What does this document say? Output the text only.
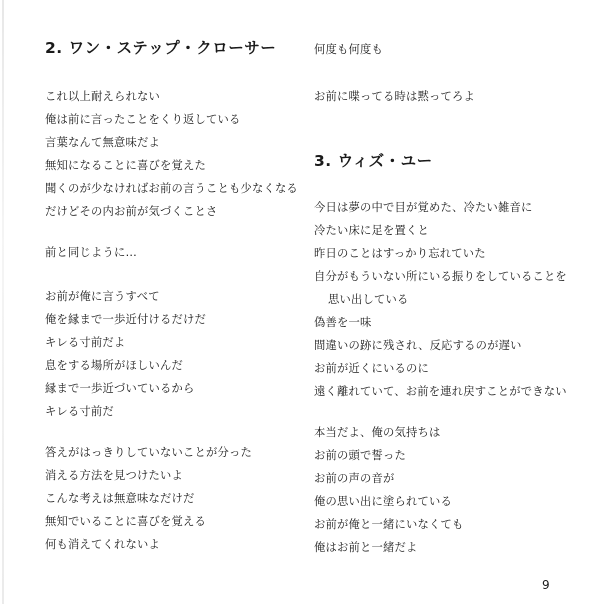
2. ワン・ステップ・クローサー
これ以上耐えられない
俺は前に言ったことをくり返している
言葉なんて無意味だよ
無知になることに喜びを覚えた
聞くのが少なければお前の言うことも少なくなる
だけどその内お前が気づくことさ
前と同じように…
お前が俺に言うすべて
俺を縁まで一歩近付けるだけだ
キレる寸前だよ
息をする場所がほしいんだ
縁まで一歩近づいているから
キレる寸前だ
答えがはっきりしていないことが分った
消える方法を見つけたいよ
こんな考えは無意味なだけだ
無知でいることに喜びを覚える
何も消えてくれないよ
何度も何度も
お前に喋ってる時は黙ってろよ
3. ウィズ・ユー
今日は夢の中で目が覚めた、冷たい雑音に
冷たい床に足を置くと
昨日のことはすっかり忘れていた
自分がもういない所にいる振りをしていることを
思い出している
偽善を一味
間違いの跡に残され、反応するのが遅い
お前が近くにいるのに
遠く離れていて、お前を連れ戻すことができない
本当だよ、俺の気持ちは
お前の頭で誓った
お前の声の音が
俺の思い出に塗られている
お前が俺と一緒にいなくても
俺はお前と一緒だよ
9
